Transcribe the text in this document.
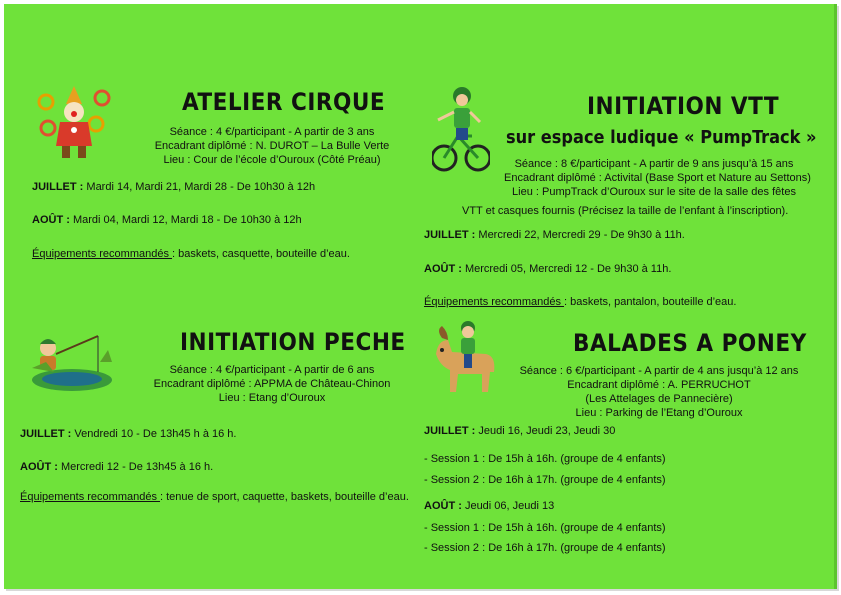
ATELIER CIRQUE
Séance : 4 €/participant - A partir de 3 ans
Encadrant diplômé : N. DUROT – La Bulle Verte
Lieu : Cour de l’école d’Ouroux (Côté Préau)
JUILLET : Mardi 14, Mardi 21, Mardi 28 - De 10h30 à 12h
AOÛT : Mardi 04, Mardi 12, Mardi 18 - De 10h30 à 12h
Équipements recommandés : baskets, casquette, bouteille d’eau.
INITIATION PECHE
Séance : 4 €/participant - A partir de 6 ans
Encadrant diplômé : APPMA de Château-Chinon
Lieu : Etang d’Ouroux
JUILLET : Vendredi 10 - De 13h45 h à 16 h.
AOÛT : Mercredi 12 - De 13h45 à 16 h.
Équipements recommandés : tenue de sport, caquette, baskets, bouteille d’eau.
INITIATION VTT
sur espace ludique « PumpTrack »
Séance : 8 €/participant - A partir de 9 ans jusqu’à 15 ans
Encadrant diplômé : Activital (Base Sport et Nature au Settons)
Lieu : PumpTrack d’Ouroux sur le site de la salle des fêtes
VTT et casques fournis (Précisez la taille de l’enfant à l’inscription).
JUILLET : Mercredi 22, Mercredi 29 - De 9h30 à 11h.
AOÛT : Mercredi 05, Mercredi 12 - De 9h30 à 11h.
Équipements recommandés : baskets, pantalon, bouteille d’eau.
BALADES A PONEY
Séance : 6 €/participant - A partir de 4 ans jusqu’à 12 ans
Encadrant diplômé : A. PERRUCHOT
(Les Attelages de Pannecière)
Lieu : Parking de l’Etang d’Ouroux
JUILLET : Jeudi 16, Jeudi 23, Jeudi 30
- Session 1 : De 15h à 16h. (groupe de 4 enfants)
- Session 2 : De 16h à 17h. (groupe de 4 enfants)
AOÛT : Jeudi 06, Jeudi 13
- Session 1 : De 15h à 16h. (groupe de 4 enfants)
- Session 2 : De 16h à 17h. (groupe de 4 enfants)
